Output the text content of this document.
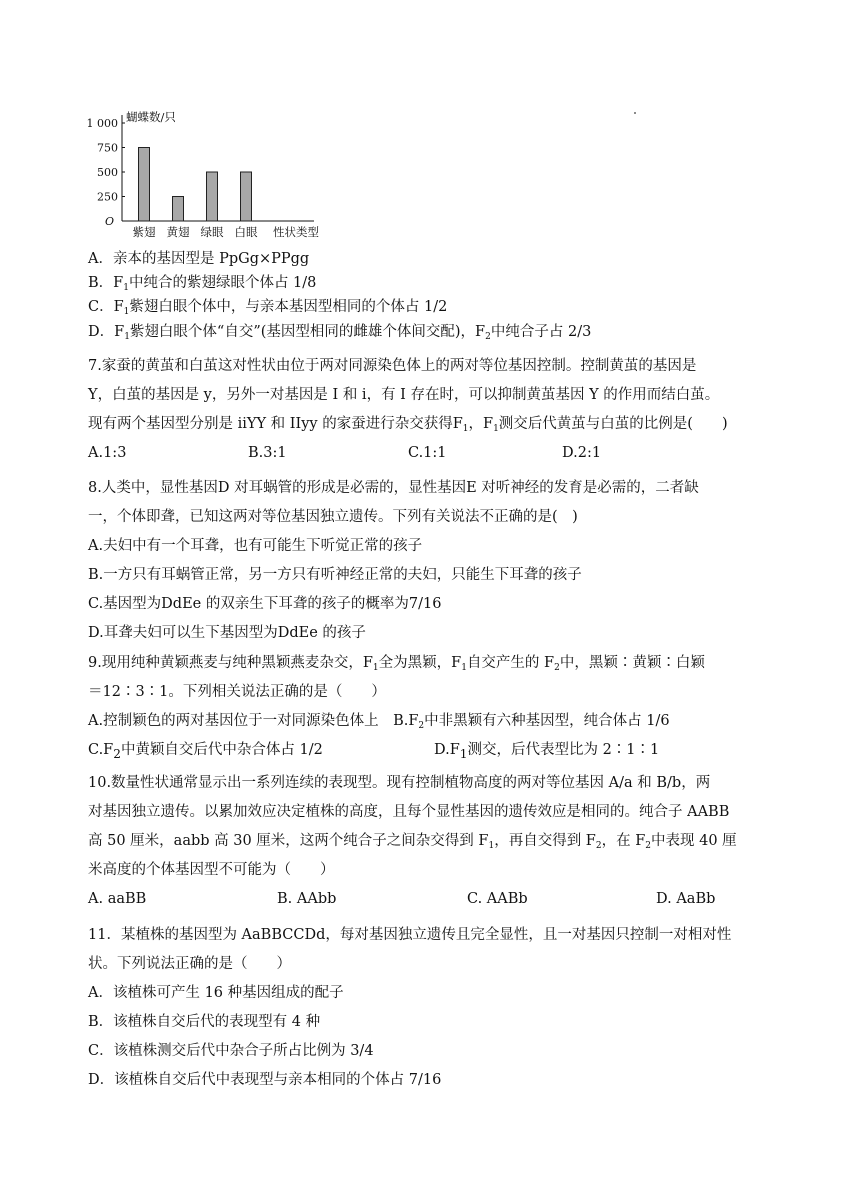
1 000
750
500
250
O
蝴蝶数/只
紫翅 黄翅 绿眼 白眼 性状类型
A．亲本的基因型是 PpGg×PPgg
B．$F_1$中纯合的紫翅绿眼个体占 1/8
C．$F_1$紫翅白眼个体中，与亲本基因型相同的个体占 1/2
D．$F_1$紫翅白眼个体“自交”(基因型相同的雌雄个体间交配)，$F_2$中纯合子占 2/3
7.家蚕的黄茧和白茧这对性状由位于两对同源染色体上的两对等位基因控制。控制黄茧的基因是
Y，白茧的基因是 y，另外一对基因是 I 和 i，有 I 存在时，可以抑制黄茧基因 Y 的作用而结白茧。
现有两个基因型分别是 iiYY 和 IIyy 的家蚕进行杂交获得$F_1$，$F_1$测交后代黄茧与白茧的比例是(　　)
A.1:3	B.3:1	C.1:1	D.2:1
8.人类中，显性基因D 对耳蜗管的形成是必需的，显性基因E 对听神经的发育是必需的，二者缺
一，个体即聋，已知这两对等位基因独立遗传。下列有关说法不正确的是(　)
A.夫妇中有一个耳聋，也有可能生下听觉正常的孩子
B.一方只有耳蜗管正常，另一方只有听神经正常的夫妇，只能生下耳聋的孩子
C.基因型为DdEe 的双亲生下耳聋的孩子的概率为7/16
D.耳聋夫妇可以生下基因型为DdEe 的孩子
9.现用纯种黄颖燕麦与纯种黑颖燕麦杂交，$F_1$全为黑颖，$F_1$自交产生的 $F_2$中，黑颖∶黄颖∶白颖
＝12∶3∶1。下列相关说法正确的是（　　）
A.控制颖色的两对基因位于一对同源染色体上　$B.F_2$中非黑颖有六种基因型，纯合体占 1/6
$C.F_2$中黄颖自交后代中杂合体占 1/2	$D.F_1$测交，后代表型比为 2∶1∶1
10.数量性状通常显示出一系列连续的表现型。现有控制植物高度的两对等位基因 A/a 和 B/b，两
对基因独立遗传。以累加效应决定植株的高度，且每个显性基因的遗传效应是相同的。纯合子 AABB
高 50 厘米，aabb 高 30 厘米，这两个纯合子之间杂交得到 $F_1$，再自交得到 $F_2$，在 $F_2$中表现 40 厘
米高度的个体基因型不可能为（　　）
A. aaBB	B. AAbb	C. AABb	D. AaBb
11．某植株的基因型为 AaBBCCDd，每对基因独立遗传且完全显性，且一对基因只控制一对相对性
状。下列说法正确的是（　　）
A．该植株可产生 16 种基因组成的配子
B．该植株自交后代的表现型有 4 种
C．该植株测交后代中杂合子所占比例为 3/4
D．该植株自交后代中表现型与亲本相同的个体占 7/16
